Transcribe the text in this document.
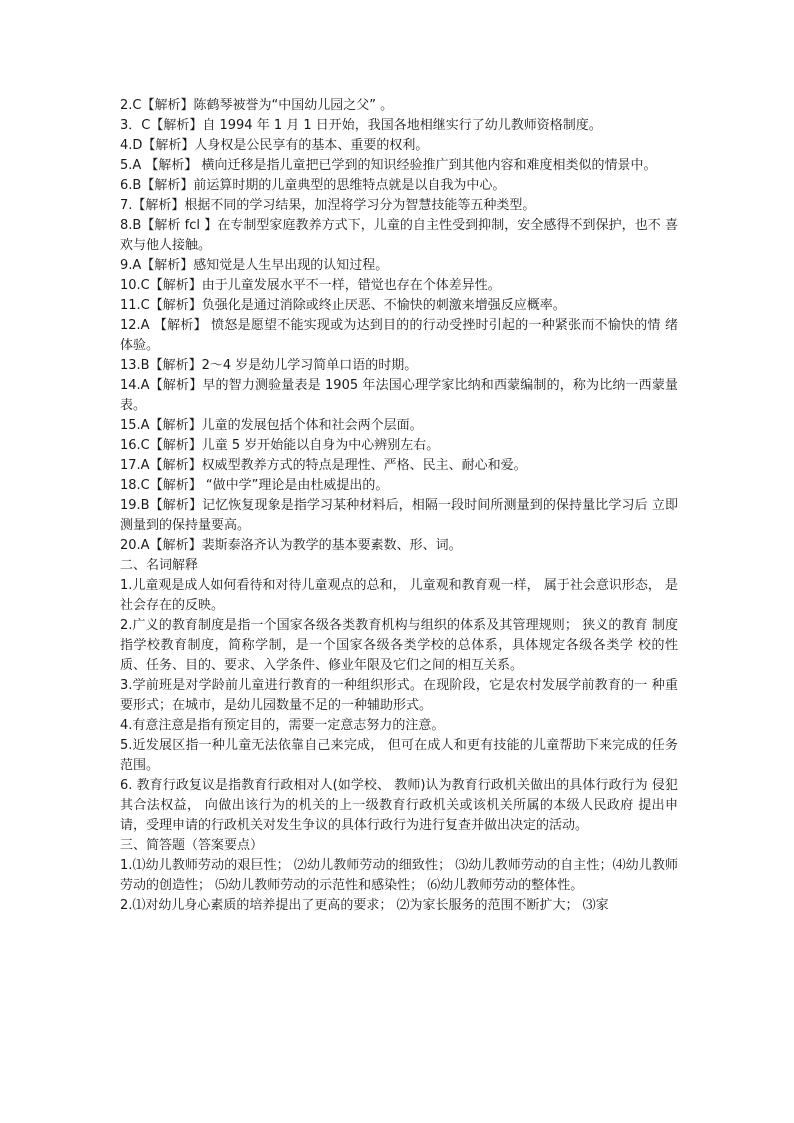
2.C【解析】陈鹤琴被誉为“中国幼儿园之父” 。

3．C【解析】自 1994 年 1 月 1 日开始，我国各地相继实行了幼儿教师资格制度。

4.D【解析】人身权是公民享有的基本、重要的权利。

5.A 【解析】 横向迁移是指儿童把已学到的知识经验推广到其他内容和难度相类似的情景中。

6.B【解析】前运算时期的儿童典型的思维特点就是以自我为中心。

7.【解析】根据不同的学习结果，加涅将学习分为智慧技能等五种类型。

8.B【解析 fcl 】在专制型家庭教养方式下，儿童的自主性受到抑制，安全感得不到保护，也不 喜欢与他人接触。

9.A【解析】感知觉是人生早出现的认知过程。

10.C【解析】由于儿童发展水平不一样，错觉也存在个体差异性。

11.C【解析】负强化是通过消除或终止厌恶、不愉快的刺激来增强反应概率。

12.A 【解析】 愤怒是愿望不能实现或为达到目的的行动受挫时引起的一种紧张而不愉快的情 绪体验。

13.B【解析】2～4 岁是幼儿学习简单口语的时期。

14.A【解析】早的智力测验量表是 1905 年法国心理学家比纳和西蒙编制的，称为比纳一西蒙量表。

15.A【解析】儿童的发展包括个体和社会两个层面。

16.C【解析】儿童 5 岁开始能以自身为中心辨别左右。

17.A【解析】权威型教养方式的特点是理性、严格、民主、耐心和爱。

18.C【解析】 “做中学”理论是由杜威提出的。

19.B【解析】记忆恢复现象是指学习某种材料后，相隔一段时间所测量到的保持量比学习后 立即测量到的保持量要高。

20.A【解析】裴斯泰洛齐认为教学的基本要素数、形、词。

二、名词解释

1.儿童观是成人如何看待和对待儿童观点的总和， 儿童观和教育观一样， 属于社会意识形态， 是社会存在的反映。

2.广义的教育制度是指一个国家各级各类教育机构与组织的体系及其管理规则； 狭义的教育 制度指学校教育制度，简称学制，是一个国家各级各类学校的总体系，具体规定各级各类学 校的性质、任务、目的、要求、入学条件、修业年限及它们之间的相互关系。

3.学前班是对学龄前儿童进行教育的一种组织形式。在现阶段，它是农村发展学前教育的一 种重要形式；在城市，是幼儿园数量不足的一种辅助形式。

4.有意注意是指有预定目的，需要一定意志努力的注意。

5.近发展区指一种儿童无法依靠自己来完成， 但可在成人和更有技能的儿童帮助下来完成的任务范围。

6. 教育行政复议是指教育行政相对人(如学校、 教师)认为教育行政机关做出的具体行政行为 侵犯其合法权益， 向做出该行为的机关的上一级教育行政机关或该机关所属的本级人民政府 提出申请，受理申请的行政机关对发生争议的具体行政行为进行复查并做出决定的活动。

三、简答题（答案要点）

1.⑴幼儿教师劳动的艰巨性； ⑵幼儿教师劳动的细致性； ⑶幼儿教师劳动的自主性；⑷幼儿教师劳动的创造性； ⑸幼儿教师劳动的示范性和感染性； ⑹幼儿教师劳动的整体性。

2.⑴对幼儿身心素质的培养提出了更高的要求； ⑵为家长服务的范围不断扩大； ⑶家
